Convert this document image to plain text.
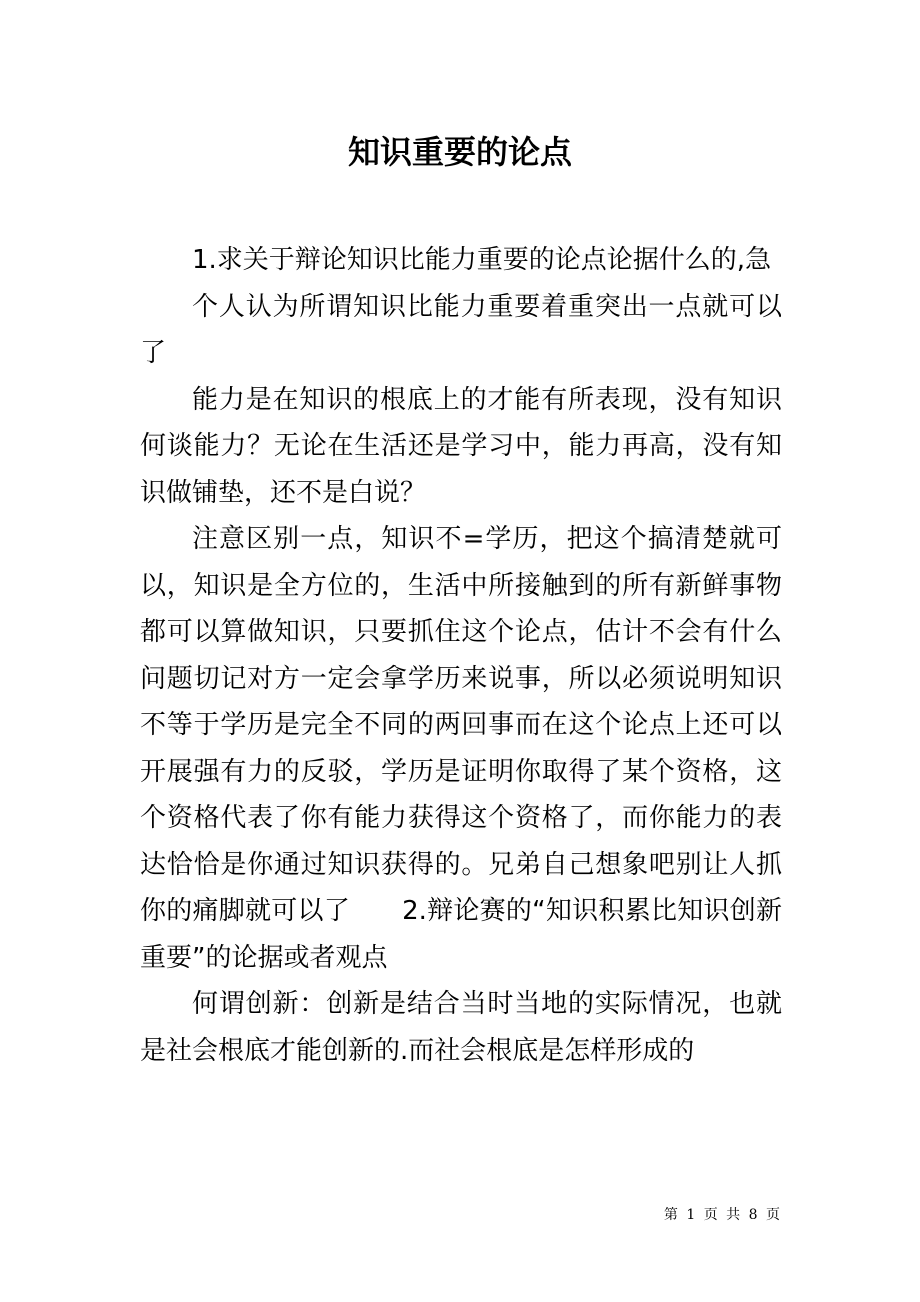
知识重要的论点

1.求关于辩论知识比能力重要的论点论据什么的,急

个人认为所谓知识比能力重要着重突出一点就可以了

能力是在知识的根底上的才能有所表现，没有知识何谈能力？无论在生活还是学习中，能力再高，没有知识做铺垫，还不是白说？

注意区别一点，知识不=学历，把这个搞清楚就可以，知识是全方位的，生活中所接触到的所有新鲜事物都可以算做知识，只要抓住这个论点，估计不会有什么问题切记对方一定会拿学历来说事，所以必须说明知识不等于学历是完全不同的两回事而在这个论点上还可以开展强有力的反驳，学历是证明你取得了某个资格，这个资格代表了你有能力获得这个资格了，而你能力的表达恰恰是你通过知识获得的。兄弟自己想象吧别让人抓你的痛脚就可以了 2.辩论赛的“知识积累比知识创新重要”的论据或者观点

何谓创新：创新是结合当时当地的实际情况，也就是社会根底才能创新的.而社会根底是怎样形成的

第 1 页 共 8 页
